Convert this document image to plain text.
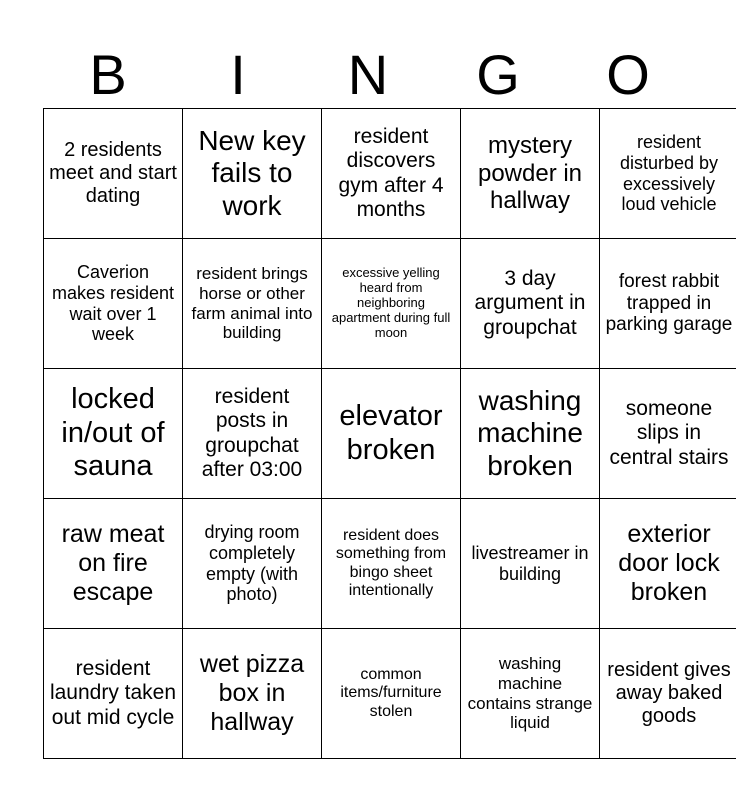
B	I	N	G	O
2 residents meet and start dating	New key fails to work	resident discovers gym after 4 months	mystery powder in hallway	resident disturbed by excessively loud vehicle
Caverion makes resident wait over 1 week	resident brings horse or other farm animal into building	excessive yelling heard from neighboring apartment during full moon	3 day argument in groupchat	forest rabbit trapped in parking garage
locked in/out of sauna	resident posts in groupchat after 03:00	elevator broken	washing machine broken	someone slips in central stairs
raw meat on fire escape	drying room completely empty (with photo)	resident does something from bingo sheet intentionally	livestreamer in building	exterior door lock broken
resident laundry taken out mid cycle	wet pizza box in hallway	common items/furniture stolen	washing machine contains strange liquid	resident gives away baked goods
